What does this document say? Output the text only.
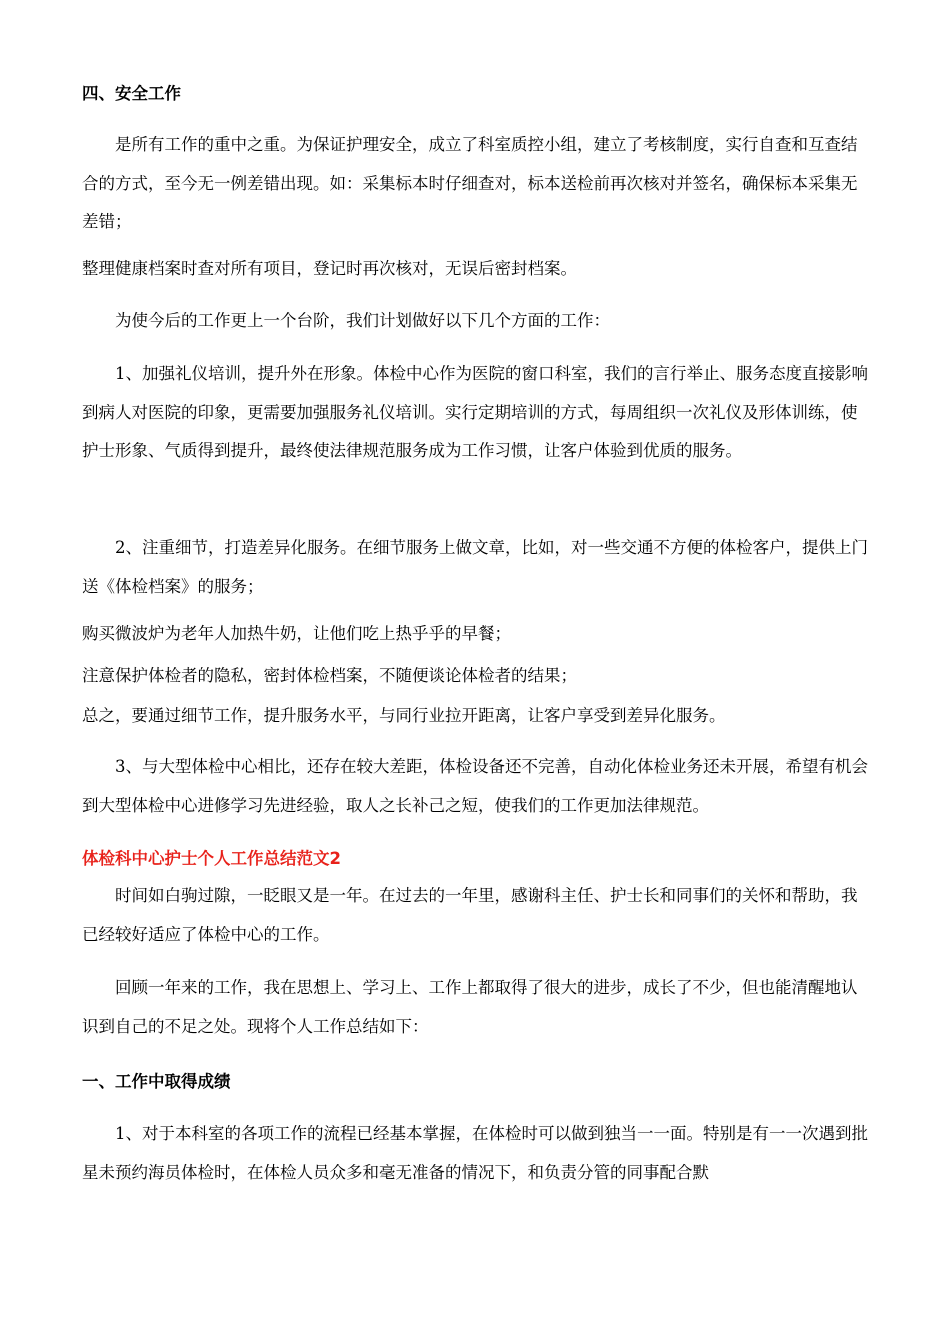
四、安全工作

是所有工作的重中之重。为保证护理安全，成立了科室质控小组，建立了考核制度，实行自查和互查结合的方式，至今无一例差错出现。如：采集标本时仔细查对，标本送检前再次核对并签名，确保标本采集无差错；

整理健康档案时查对所有项目，登记时再次核对，无误后密封档案。

为使今后的工作更上一个台阶，我们计划做好以下几个方面的工作：

1、加强礼仪培训，提升外在形象。体检中心作为医院的窗口科室，我们的言行举止、服务态度直接影响到病人对医院的印象，更需要加强服务礼仪培训。实行定期培训的方式，每周组织一次礼仪及形体训练，使护士形象、气质得到提升，最终使法律规范服务成为工作习惯，让客户体验到优质的服务。

2、注重细节，打造差异化服务。在细节服务上做文章，比如，对一些交通不方便的体检客户，提供上门送《体检档案》的服务；

购买微波炉为老年人加热牛奶，让他们吃上热乎乎的早餐；

注意保护体检者的隐私，密封体检档案，不随便谈论体检者的结果；

总之，要通过细节工作，提升服务水平，与同行业拉开距离，让客户享受到差异化服务。

3、与大型体检中心相比，还存在较大差距，体检设备还不完善，自动化体检业务还未开展，希望有机会到大型体检中心进修学习先进经验，取人之长补己之短，使我们的工作更加法律规范。

体检科中心护士个人工作总结范文2

时间如白驹过隙，一眨眼又是一年。在过去的一年里，感谢科主任、护士长和同事们的关怀和帮助，我已经较好适应了体检中心的工作。

回顾一年来的工作，我在思想上、学习上、工作上都取得了很大的进步，成长了不少，但也能清醒地认识到自己的不足之处。现将个人工作总结如下：

一、工作中取得成绩

1、对于本科室的各项工作的流程已经基本掌握，在体检时可以做到独当一一面。特别是有一一次遇到批星未预约海员体检时，在体检人员众多和毫无准备的情况下，和负责分管的同事配合默
